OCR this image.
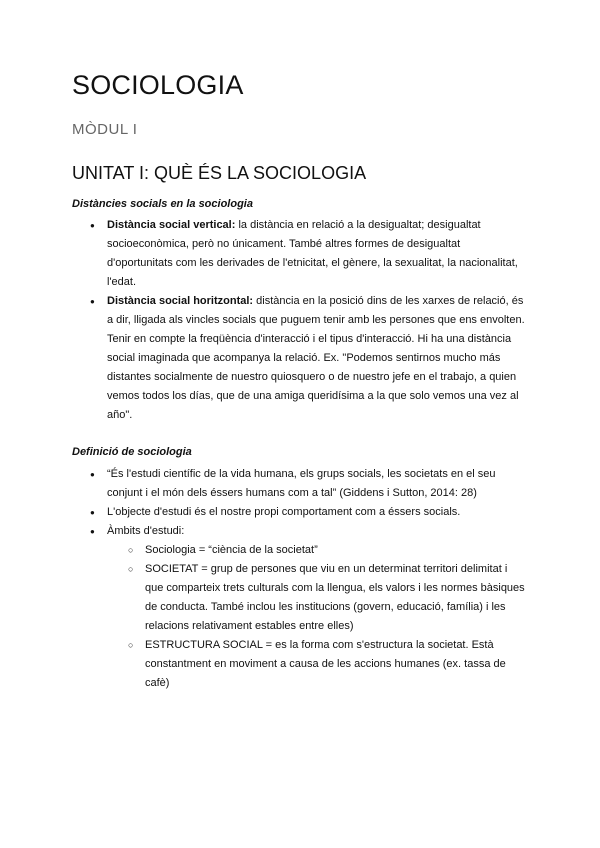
SOCIOLOGIA

MÒDUL I

UNITAT I: QUÈ ÉS LA SOCIOLOGIA
Distàncies socials en la sociologia
● Distància social vertical: la distància en relació a la desigualtat; desigualtat socioeconòmica, però no únicament. També altres formes de desigualtat d'oportunitats com les derivades de l'etnicitat, el gènere, la sexualitat, la nacionalitat, l'edat.
● Distància social horitzontal: distància en la posició dins de les xarxes de relació, és a dir, lligada als vincles socials que puguem tenir amb les persones que ens envolten. Tenir en compte la freqüència d'interacció i el tipus d'interacció. Hi ha una distància social imaginada que acompanya la relació. Ex. "Podemos sentirnos mucho más distantes socialmente de nuestro quiosquero o de nuestro jefe en el trabajo, a quien vemos todos los días, que de una amiga queridísima a la que solo vemos una vez al año".
Definició de sociologia
● “És l'estudi científic de la vida humana, els grups socials, les societats en el seu conjunt i el món dels éssers humans com a tal” (Giddens i Sutton, 2014: 28)
● L'objecte d'estudi és el nostre propi comportament com a éssers socials.
● Àmbits d'estudi:
○ Sociologia = “ciència de la societat”
○ SOCIETAT = grup de persones que viu en un determinat territori delimitat i que comparteix trets culturals com la llengua, els valors i les normes bàsiques de conducta. També inclou les institucions (govern, educació, família) i les relacions relativament estables entre elles)
○ ESTRUCTURA SOCIAL = es la forma com s'estructura la societat. Està constantment en moviment a causa de les accions humanes (ex. tassa de cafè)
